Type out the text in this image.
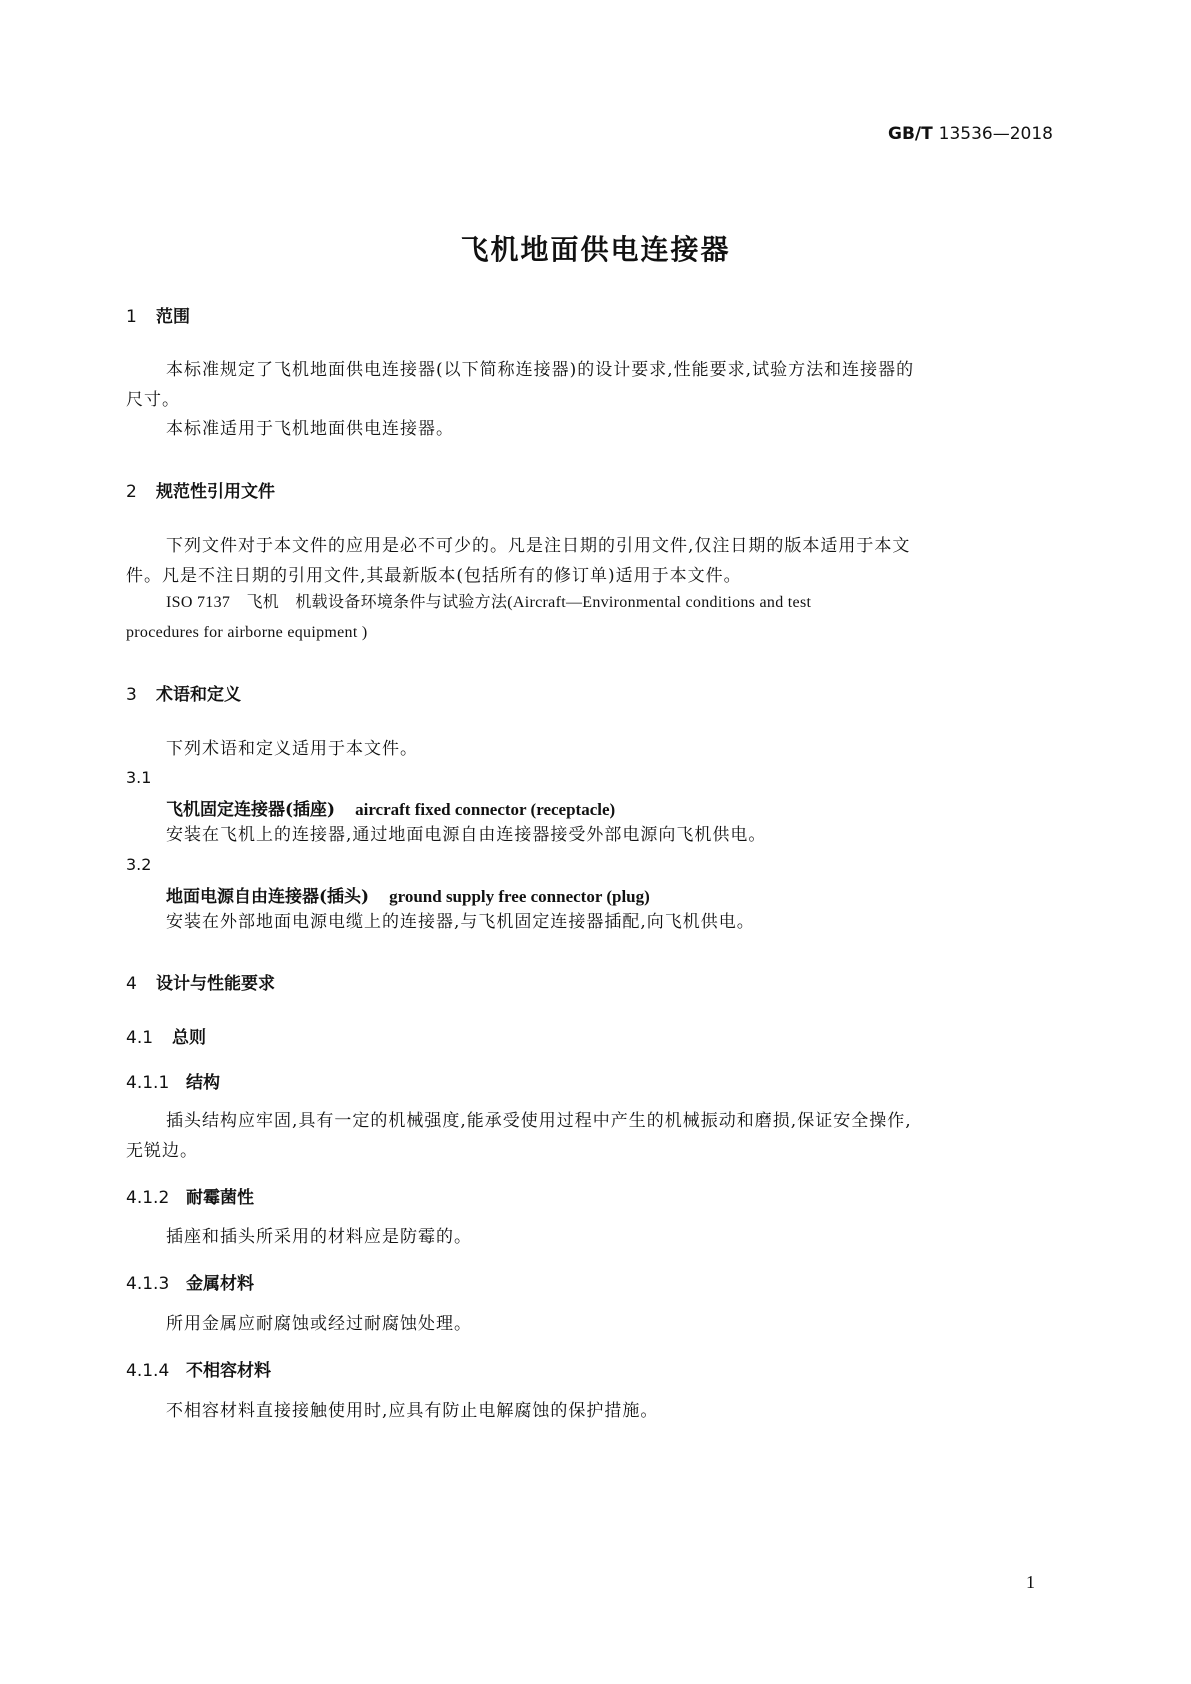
GB/T 13536—2018
飞机地面供电连接器
1 范围
本标准规定了飞机地面供电连接器(以下简称连接器)的设计要求,性能要求,试验方法和连接器的
尺寸。
本标准适用于飞机地面供电连接器。
2 规范性引用文件
下列文件对于本文件的应用是必不可少的。凡是注日期的引用文件,仅注日期的版本适用于本文
件。凡是不注日期的引用文件,其最新版本(包括所有的修订单)适用于本文件。
ISO 7137　飞机　机载设备环境条件与试验方法(Aircraft—Environmental conditions and test
procedures for airborne equipment )
3 术语和定义
下列术语和定义适用于本文件。
3.1
飞机固定连接器(插座) aircraft fixed connector (receptacle)
安装在飞机上的连接器,通过地面电源自由连接器接受外部电源向飞机供电。
3.2
地面电源自由连接器(插头) ground supply free connector (plug)
安装在外部地面电源电缆上的连接器,与飞机固定连接器插配,向飞机供电。
4 设计与性能要求
4.1 总则
4.1.1 结构
插头结构应牢固,具有一定的机械强度,能承受使用过程中产生的机械振动和磨损,保证安全操作,
无锐边。
4.1.2 耐霉菌性
插座和插头所采用的材料应是防霉的。
4.1.3 金属材料
所用金属应耐腐蚀或经过耐腐蚀处理。
4.1.4 不相容材料
不相容材料直接接触使用时,应具有防止电解腐蚀的保护措施。
1
